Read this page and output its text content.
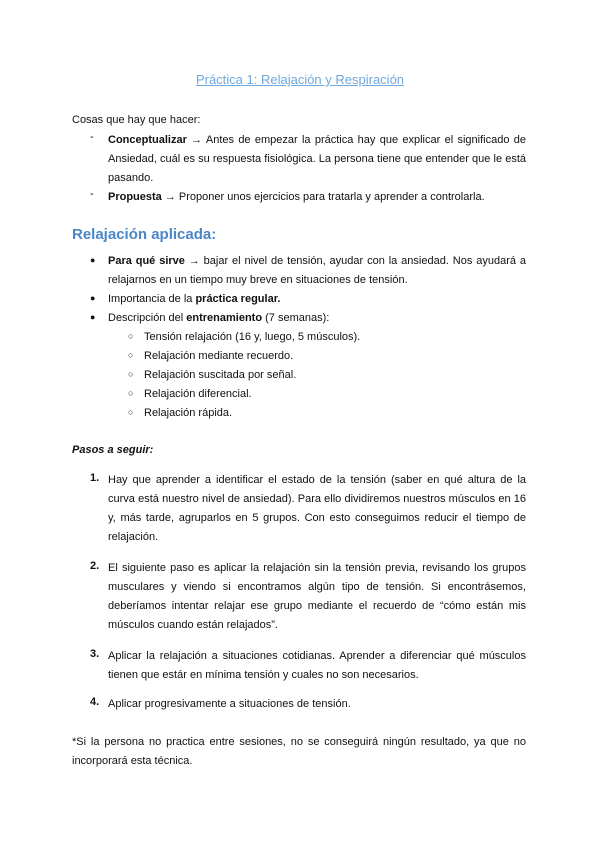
Práctica 1: Relajación y Respiración
Cosas que hay que hacer:
- Conceptualizar → Antes de empezar la práctica hay que explicar el significado de Ansiedad, cuál es su respuesta fisiológica. La persona tiene que entender que le está pasando.
- Propuesta → Proponer unos ejercicios para tratarla y aprender a controlarla.
Relajación aplicada:
● Para qué sirve → bajar el nivel de tensión, ayudar con la ansiedad. Nos ayudará a relajarnos en un tiempo muy breve en situaciones de tensión.
● Importancia de la práctica regular.
● Descripción del entrenamiento (7 semanas):
○ Tensión relajación (16 y, luego, 5 músculos).
○ Relajación mediante recuerdo.
○ Relajación suscitada por señal.
○ Relajación diferencial.
○ Relajación rápida.
Pasos a seguir:
1. Hay que aprender a identificar el estado de la tensión (saber en qué altura de la curva está nuestro nivel de ansiedad). Para ello dividiremos nuestros músculos en 16 y, más tarde, agruparlos en 5 grupos. Con esto conseguimos reducir el tiempo de relajación.
2. El siguiente paso es aplicar la relajación sin la tensión previa, revisando los grupos musculares y viendo si encontramos algún tipo de tensión. Si encontrásemos, deberíamos intentar relajar ese grupo mediante el recuerdo de “cómo están mis músculos cuando están relajados”.
3. Aplicar la relajación a situaciones cotidianas. Aprender a diferenciar qué músculos tienen que estár en mínima tensión y cuales no son necesarios.
4. Aplicar progresivamente a situaciones de tensión.
*Si la persona no practica entre sesiones, no se conseguirá ningún resultado, ya que no incorporará esta técnica.
